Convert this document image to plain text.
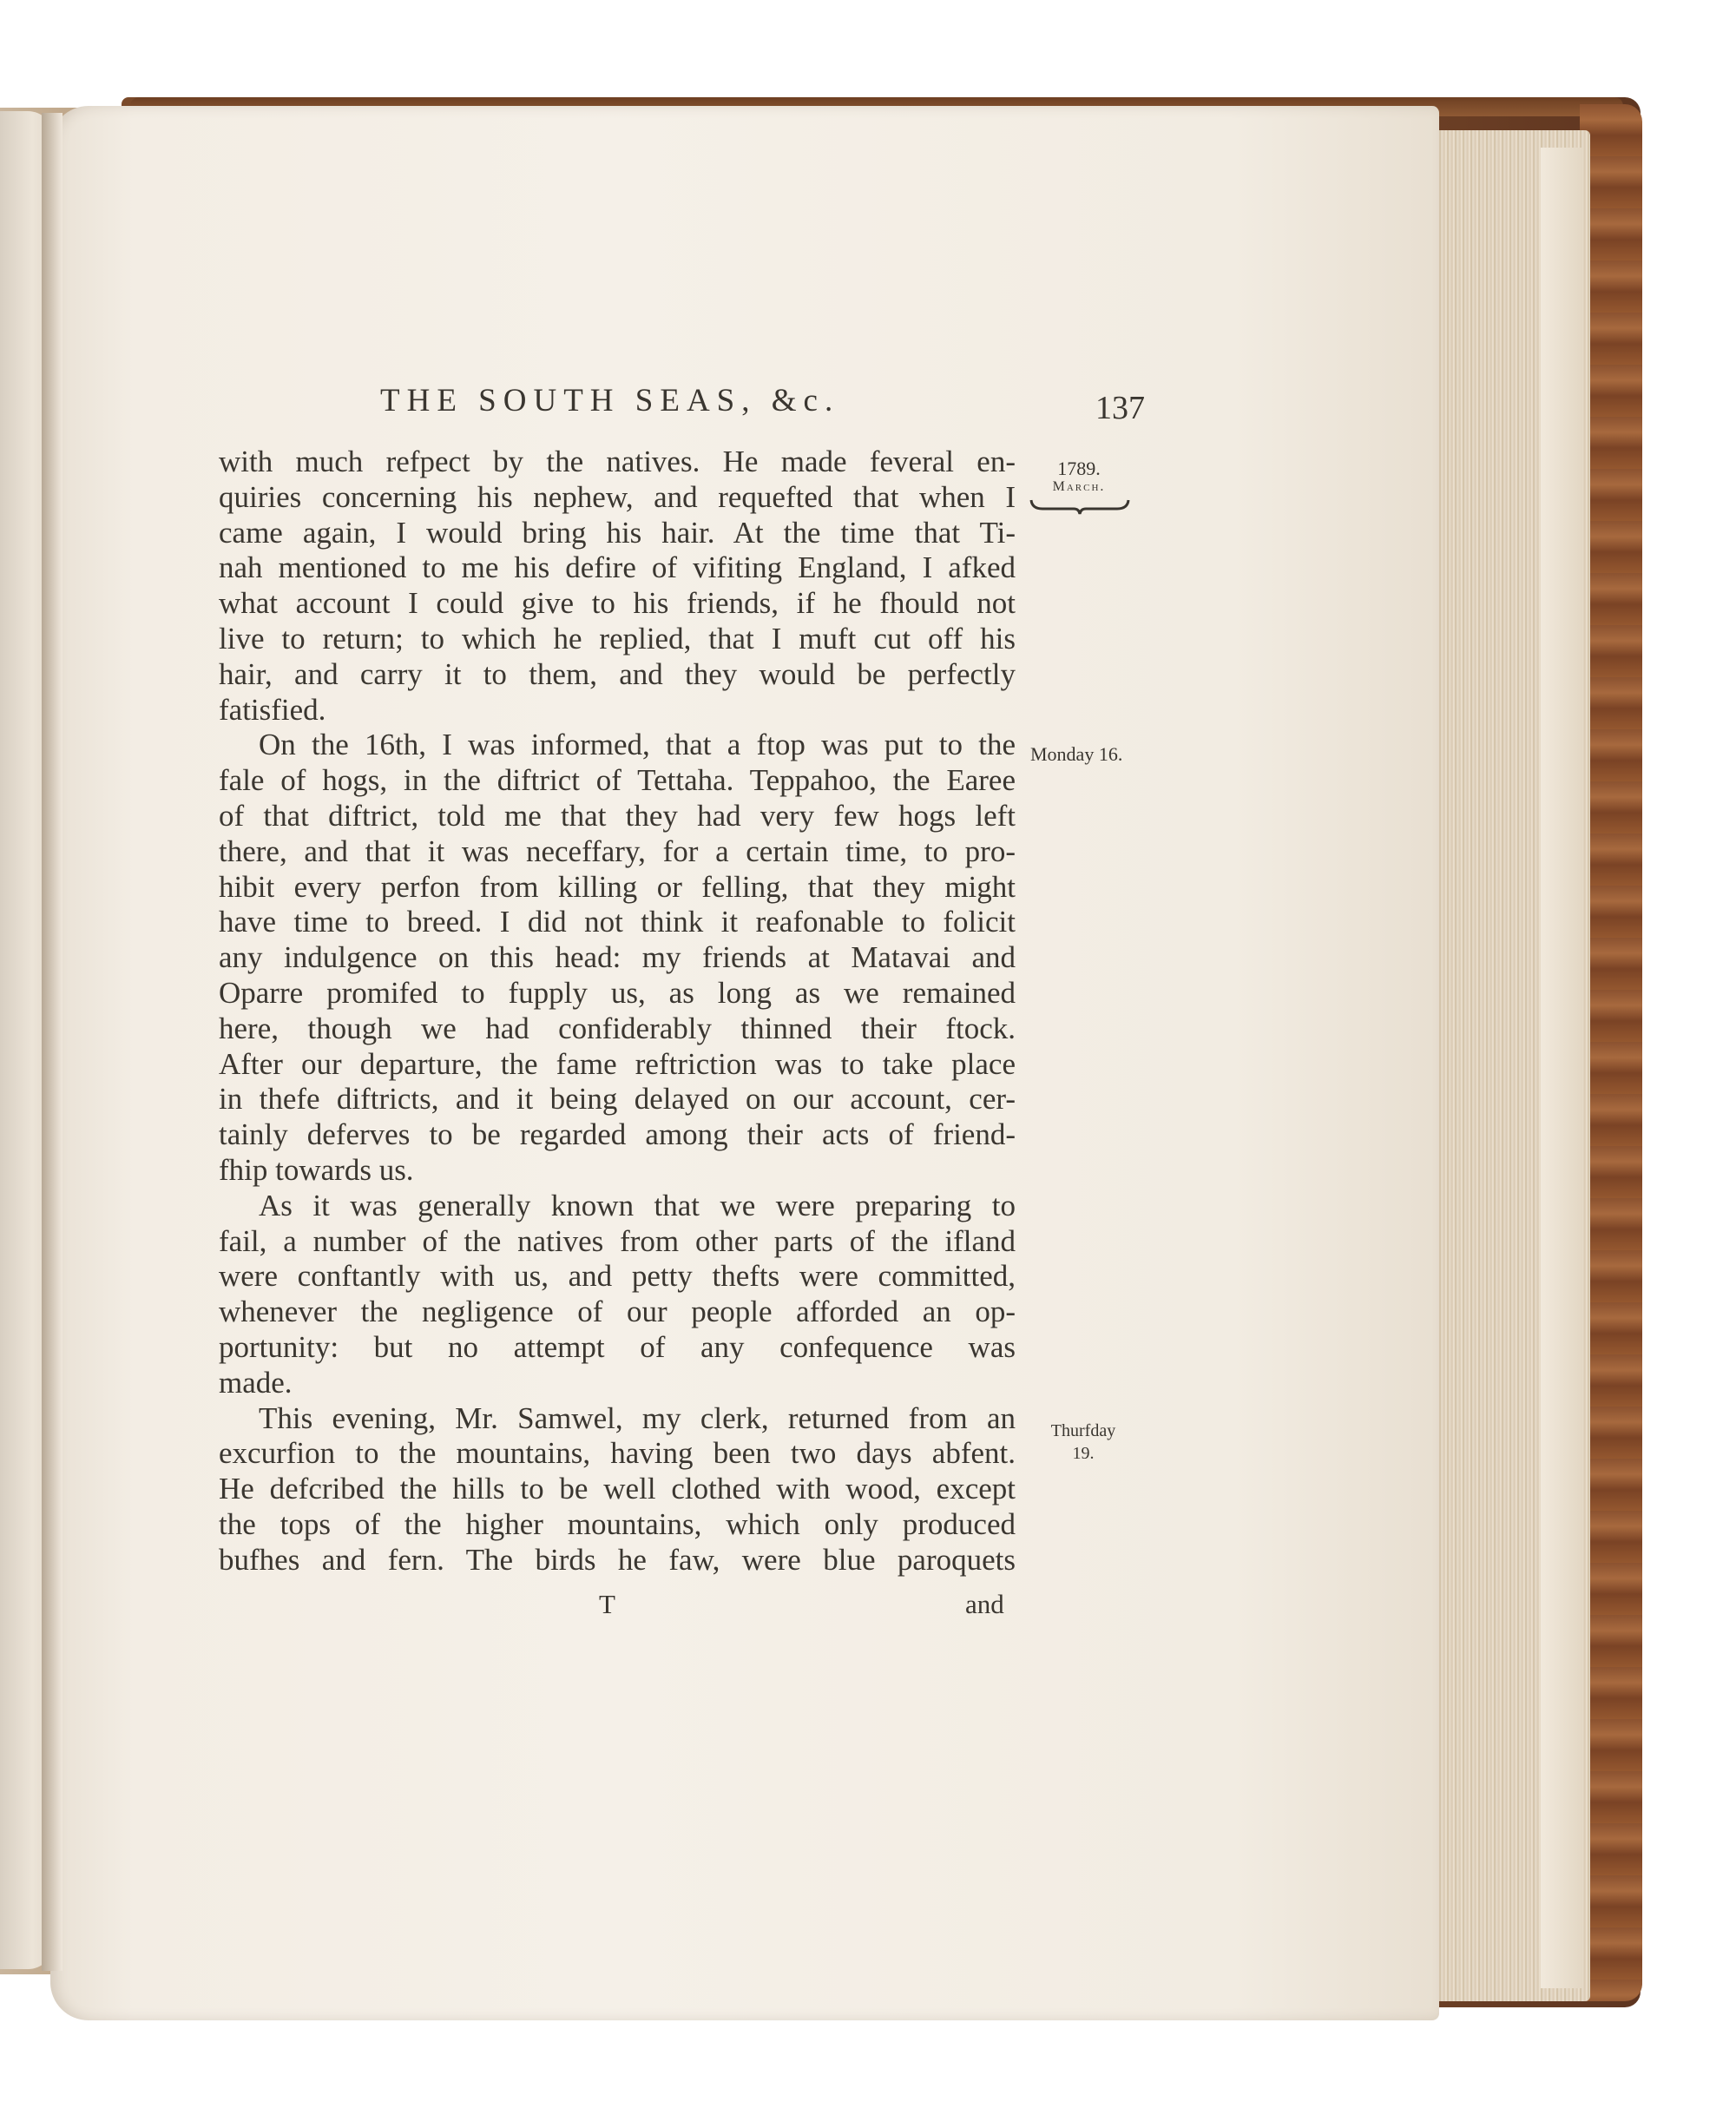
THE SOUTH SEAS, &c.	137
1789.
March.
Monday 16.
Thurfday
19.
with much refpect by the natives. He made feveral en-
quiries concerning his nephew, and requefted that when I
came again, I would bring his hair. At the time that Ti-
nah mentioned to me his defire of vifiting England, I afked
what account I could give to his friends, if he fhould not
live to return; to which he replied, that I muft cut off his
hair, and carry it to them, and they would be perfectly
fatisfied.
On the 16th, I was informed, that a ftop was put to the
fale of hogs, in the diftrict of Tettaha. Teppahoo, the Earee
of that diftrict, told me that they had very few hogs left
there, and that it was neceffary, for a certain time, to pro-
hibit every perfon from killing or felling, that they might
have time to breed. I did not think it reafonable to folicit
any indulgence on this head: my friends at Matavai and
Oparre promifed to fupply us, as long as we remained
here, though we had confiderably thinned their ftock.
After our departure, the fame reftriction was to take place
in thefe diftricts, and it being delayed on our account, cer-
tainly deferves to be regarded among their acts of friend-
fhip towards us.
As it was generally known that we were preparing to
fail, a number of the natives from other parts of the ifland
were conftantly with us, and petty thefts were committed,
whenever the negligence of our people afforded an op-
portunity: but no attempt of any confequence was
made.
This evening, Mr. Samwel, my clerk, returned from an
excurfion to the mountains, having been two days abfent.
He defcribed the hills to be well clothed with wood, except
the tops of the higher mountains, which only produced
bufhes and fern. The birds he faw, were blue paroquets
T	and
